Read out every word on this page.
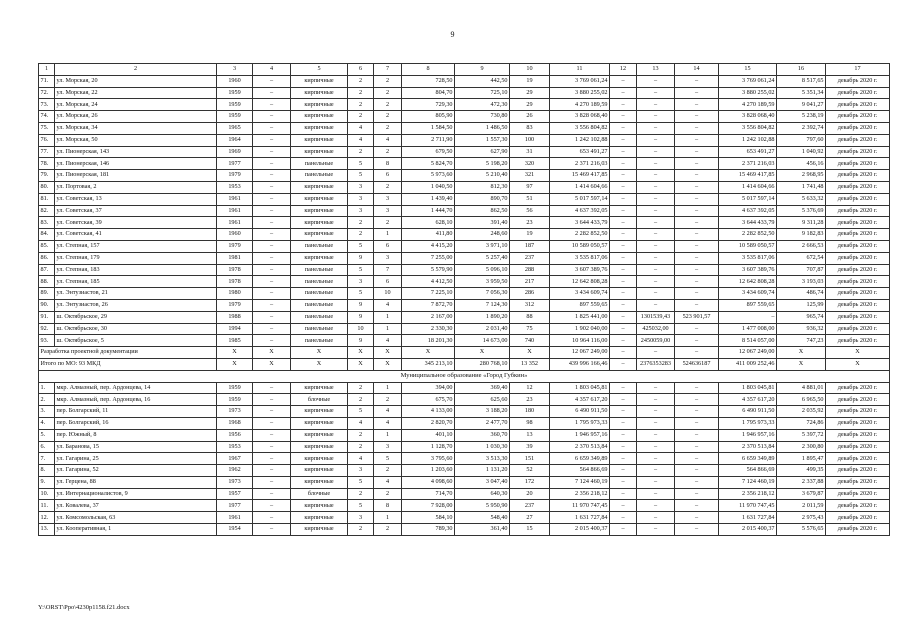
9
1	2	3	4	5	6	7	8	9	10	11	12	13	14	15	16	17
71.	ул. Морская, 20	1960	–	кирпичные	2	2	728,50	442,50	19	3 769 061,24	–	–	–	3 769 061,24	8 517,65	декабрь 2020 г.
72.	ул. Морская, 22	1959	–	кирпичные	2	2	804,70	725,10	29	3 880 255,02	–	–	–	3 880 255,02	5 351,34	декабрь 2020 г.
73.	ул. Морская, 24	1959	–	кирпичные	2	2	729,30	472,30	29	4 270 189,59	–	–	–	4 270 189,59	9 041,27	декабрь 2020 г.
74.	ул. Морская, 26	1959	–	кирпичные	2	2	805,90	730,80	26	3 828 068,40	–	–	–	3 828 068,40	5 238,19	декабрь 2020 г.
75.	ул. Морская, 34	1965	–	кирпичные	4	2	1 584,50	1 486,50	83	3 556 804,82	–	–	–	3 556 804,82	2 392,74	декабрь 2020 г.
76.	ул. Морская, 50	1964	–	кирпичные	4	4	2 711,90	1 557,30	100	1 242 102,88	–	–	–	1 242 102,88	797,60	декабрь 2020 г.
77.	ул. Пионерская, 143	1969	–	кирпичные	2	2	679,50	627,90	31	653 491,27	–	–	–	653 491,27	1 040,92	декабрь 2020 г.
78.	ул. Пионерская, 146	1977	–	панельные	5	8	5 824,70	5 198,20	320	2 371 216,03	–	–	–	2 371 216,03	456,16	декабрь 2020 г.
79.	ул. Пионерская, 181	1979	–	панельные	5	6	5 973,60	5 210,40	321	15 469 417,85	–	–	–	15 469 417,85	2 968,95	декабрь 2020 г.
80.	ул. Портовая, 2	1953	–	кирпичные	3	2	1 040,50	812,30	97	1 414 604,66	–	–	–	1 414 604,66	1 741,48	декабрь 2020 г.
81.	ул. Советская, 13	1961	–	кирпичные	3	3	1 439,40	890,70	51	5 017 597,14	–	–	–	5 017 597,14	5 633,32	декабрь 2020 г.
82.	ул. Советская, 37	1961	–	кирпичные	3	3	1 444,70	862,50	56	4 637 392,05	–	–	–	4 637 392,05	5 376,69	декабрь 2020 г.
83.	ул. Советская, 39	1961	–	кирпичные	2	2	628,10	391,40	23	3 644 433,79	–	–	–	3 644 433,79	9 311,28	декабрь 2020 г.
84.	ул. Советская, 41	1960	–	кирпичные	2	1	411,80	248,60	19	2 282 852,50	–	–	–	2 282 852,50	9 182,83	декабрь 2020 г.
85.	ул. Степная, 157	1979	–	панельные	5	6	4 415,20	3 971,10	187	10 589 050,57	–	–	–	10 589 050,57	2 666,53	декабрь 2020 г.
86.	ул. Степная, 179	1981	–	кирпичные	9	3	7 255,00	5 257,40	237	3 535 817,06	–	–	–	3 535 817,06	672,54	декабрь 2020 г.
87.	ул. Степная, 183	1978	–	панельные	5	7	5 579,90	5 096,10	288	3 607 389,76	–	–	–	3 607 389,76	707,87	декабрь 2020 г.
88.	ул. Степная, 185	1978	–	панельные	3	6	4 412,50	3 959,50	217	12 642 808,28	–	–	–	12 642 808,28	3 193,03	декабрь 2020 г.
89.	ул. Энтузиастов, 21	1980	–	панельные	5	10	7 225,10	7 056,30	286	3 434 609,74	–	–	–	3 434 609,74	486,74	декабрь 2020 г.
90.	ул. Энтузиастов, 26	1979	–	панельные	9	4	7 872,70	7 124,30	312	897 559,65	–	–	–	897 559,65	125,99	декабрь 2020 г.
91.	ш. Октябрьское, 29	1988	–	панельные	9	1	2 167,00	1 890,20	88	1 825 441,00	–	1301539,43	523 901,57	–	965,74	декабрь 2020 г.
92.	ш. Октябрьское, 30	1994	–	панельные	10	1	2 330,30	2 031,40	75	1 902 040,00	–	425032,00	–	1 477 008,00	936,32	декабрь 2020 г.
93.	ш. Октябрьское, 5	1985	–	панельные	9	4	18 201,30	14 673,00	740	10 964 116,00	–	2450059,00	–	8 514 057,00	747,23	декабрь 2020 г.
Разработка проектной документации		X	X	X	X	X	X	X	X	12 067 249,00	–	–	–	12 067 249,00	X	X
Итого по МО: 93 МКД		X	X	X	X	X	345 213,10	280 768,10	13 352	439 996 166,46	–	2376353283	524636187	411 009 252,46	X	X
Муниципальное образование «Город Губкин»																
1.	мкр. Алмазный, пер. Ардонцева, 14	1959	–	кирпичные	2	1	394,00	369,40	12	1 803 045,81	–	–	–	1 803 045,81	4 881,01	декабрь 2020 г.
2.	мкр. Алмазный, пер. Ардонцева, 16	1959	–	блочные	2	2	675,70	625,60	23	4 357 617,20	–	–	–	4 357 617,20	6 965,50	декабрь 2020 г.
3.	пер. Болгарский, 11	1973	–	кирпичные	5	4	4 133,00	3 188,20	180	6 490 911,50	–	–	–	6 490 911,50	2 035,92	декабрь 2020 г.
4.	пер. Болгарский, 16	1968	–	кирпичные	4	4	2 820,70	2 477,70	98	1 795 973,33	–	–	–	1 795 973,33	724,86	декабрь 2020 г.
5.	пер. Южный, 8	1956	–	кирпичные	2	1	401,10	360,70	13	1 946 957,16	–	–	–	1 946 957,16	5 397,72	декабрь 2020 г.
6.	ул. Баранова, 15	1953	–	кирпичные	2	3	1 128,70	1 030,30	39	2 370 513,84	–	–	–	2 370 513,84	2 300,80	декабрь 2020 г.
7.	ул. Гагарина, 25	1967	–	кирпичные	4	5	3 795,60	3 513,30	151	6 659 349,89	–	–	–	6 659 349,89	1 895,47	декабрь 2020 г.
8.	ул. Гагарина, 52	1962	–	кирпичные	3	2	1 203,60	1 131,20	52	564 866,69	–	–	–	564 866,69	499,35	декабрь 2020 г.
9.	ул. Герцена, 88	1973	–	кирпичные	5	4	4 098,60	3 047,40	172	7 124 460,19	–	–	–	7 124 460,19	2 337,88	декабрь 2020 г.
10.	ул. Интернационалистов, 9	1957	–	блочные	2	2	714,70	640,30	20	2 356 218,12	–	–	–	2 356 218,12	3 679,87	декабрь 2020 г.
11.	ул. Ковалева, 37	1977	–	кирпичные	5	8	7 928,00	5 950,90	237	11 970 747,45	–	–	–	11 970 747,45	2 011,59	декабрь 2020 г.
12.	ул. Комсомольская, 63	1961	–	кирпичные	3	1	584,10	548,40	27	1 631 727,84	–	–	–	1 631 727,84	2 975,43	декабрь 2020 г.
13.	ул. Кооперативная, 1	1954	–	кирпичные	2	2	789,30	361,40	15	2 015 400,37	–	–	–	2 015 400,37	5 576,65	декабрь 2020 г.
Y:\ORST\Ppo\4230p1158.f21.docx
